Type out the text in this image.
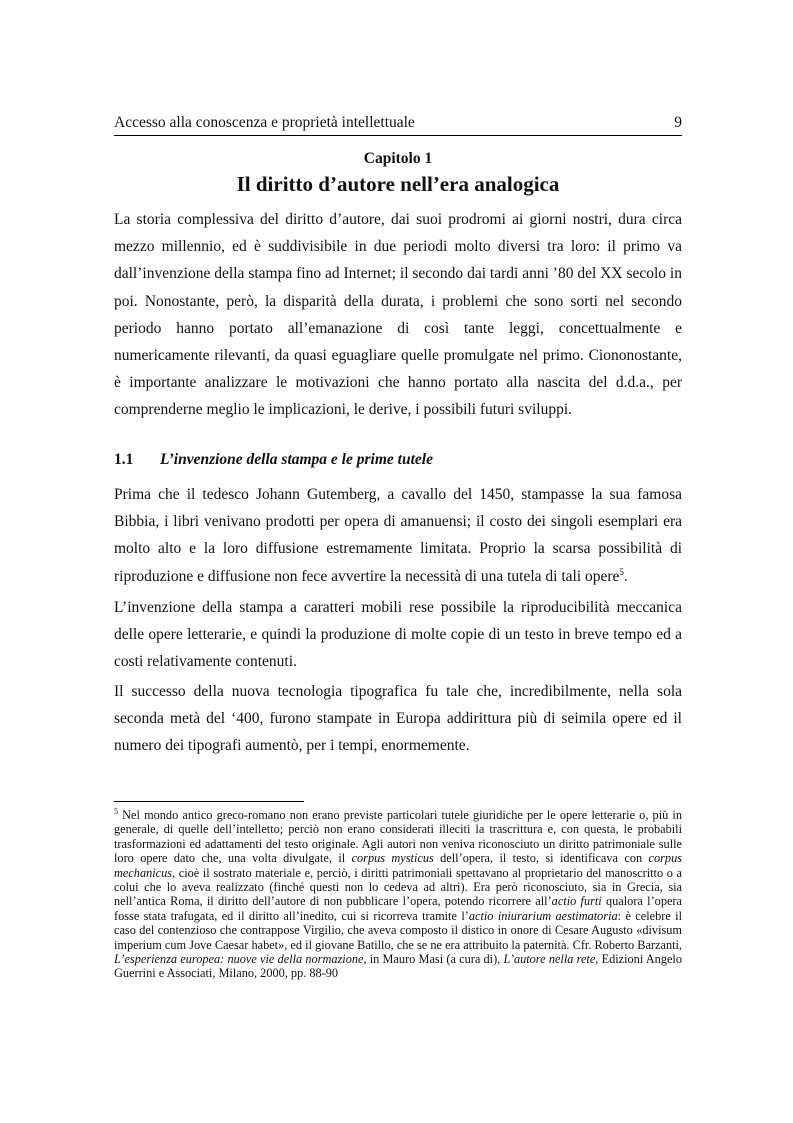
Accesso alla conoscenza e proprietà intellettuale	9
Capitolo 1
Il diritto d’autore nell’era analogica

La storia complessiva del diritto d’autore, dai suoi prodromi ai giorni nostri, dura circa mezzo millennio, ed è suddivisibile in due periodi molto diversi tra loro: il primo va dall’invenzione della stampa fino ad Internet; il secondo dai tardi anni ’80 del XX secolo in poi. Nonostante, però, la disparità della durata, i problemi che sono sorti nel secondo periodo hanno portato all’emanazione di così tante leggi, concettualmente e numericamente rilevanti, da quasi eguagliare quelle promulgate nel primo. Ciononostante, è importante analizzare le motivazioni che hanno portato alla nascita del d.d.a., per comprenderne meglio le implicazioni, le derive, i possibili futuri sviluppi.

1.1 L’invenzione della stampa e le prime tutele

Prima che il tedesco Johann Gutemberg, a cavallo del 1450, stampasse la sua famosa Bibbia, i libri venivano prodotti per opera di amanuensi; il costo dei singoli esemplari era molto alto e la loro diffusione estremamente limitata. Proprio la scarsa possibilità di riproduzione e diffusione non fece avvertire la necessità di una tutela di tali opere$^5$.

L’invenzione della stampa a caratteri mobili rese possibile la riproducibilità meccanica delle opere letterarie, e quindi la produzione di molte copie di un testo in breve tempo ed a costi relativamente contenuti.

Il successo della nuova tecnologia tipografica fu tale che, incredibilmente, nella sola seconda metà del ‘400, furono stampate in Europa addirittura più di seimila opere ed il numero dei tipografi aumentò, per i tempi, enormemente.

$^5$ Nel mondo antico greco-romano non erano previste particolari tutele giuridiche per le opere letterarie o, più in generale, di quelle dell’intelletto; perciò non erano considerati illeciti la trascrittura e, con questa, le probabili trasformazioni ed adattamenti del testo originale. Agli autori non veniva riconosciuto un diritto patrimoniale sulle loro opere dato che, una volta divulgate, il corpus mysticus dell’opera, il testo, si identificava con corpus mechanicus, cioè il sostrato materiale e, perciò, i diritti patrimoniali spettavano al proprietario del manoscritto o a colui che lo aveva realizzato (finché questi non lo cedeva ad altri). Era però riconosciuto, sia in Grecia, sia nell’antica Roma, il diritto dell’autore di non pubblicare l’opera, potendo ricorrere all’actio furti qualora l’opera fosse stata trafugata, ed il diritto all’inedito, cui si ricorreva tramite l’actio iniurarium aestimatoria: è celebre il caso del contenzioso che contrappose Virgilio, che aveva composto il distico in onore di Cesare Augusto «divisum imperium cum Jove Caesar habet», ed il giovane Batillo, che se ne era attribuito la paternità. Cfr. Roberto Barzanti, L’esperienza europea: nuove vie della normazione, in Mauro Masi (a cura di), L’autore nella rete, Edizioni Angelo Guerrini e Associati, Milano, 2000, pp. 88-90
